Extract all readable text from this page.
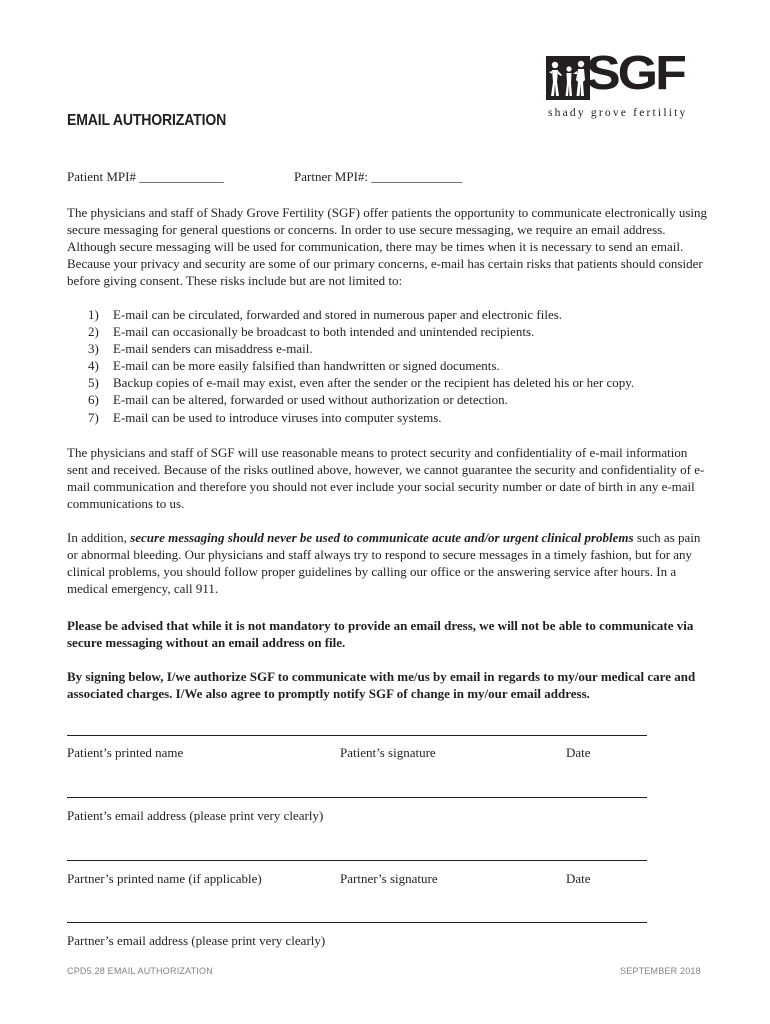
SGF
shady grove fertility
EMAIL AUTHORIZATION
Patient MPI# _____________	Partner MPI#: ______________
The physicians and staff of Shady Grove Fertility (SGF) offer patients the opportunity to communicate electronically using secure messaging for general questions or concerns. In order to use secure messaging, we require an email address. Although secure messaging will be used for communication, there may be times when it is necessary to send an email. Because your privacy and security are some of our primary concerns, e-mail has certain risks that patients should consider before giving consent. These risks include but are not limited to:
1)	E-mail can be circulated, forwarded and stored in numerous paper and electronic files.
2)	E-mail can occasionally be broadcast to both intended and unintended recipients.
3)	E-mail senders can misaddress e-mail.
4)	E-mail can be more easily falsified than handwritten or signed documents.
5)	Backup copies of e-mail may exist, even after the sender or the recipient has deleted his or her copy.
6)	E-mail can be altered, forwarded or used without authorization or detection.
7)	E-mail can be used to introduce viruses into computer systems.
The physicians and staff of SGF will use reasonable means to protect security and confidentiality of e-mail information sent and received. Because of the risks outlined above, however, we cannot guarantee the security and confidentiality of e-mail communication and therefore you should not ever include your social security number or date of birth in any e-mail communications to us.
In addition, secure messaging should never be used to communicate acute and/or urgent clinical problems such as pain or abnormal bleeding. Our physicians and staff always try to respond to secure messages in a timely fashion, but for any clinical problems, you should follow proper guidelines by calling our office or the answering service after hours. In a medical emergency, call 911.
Please be advised that while it is not mandatory to provide an email dress, we will not be able to communicate via secure messaging without an email address on file.
By signing below, I/we authorize SGF to communicate with me/us by email in regards to my/our medical care and associated charges. I/We also agree to promptly notify SGF of change in my/our email address.
Patient’s printed name	Patient’s signature	Date
Patient’s email address (please print very clearly)
Partner’s printed name (if applicable)	Partner’s signature	Date
Partner’s email address (please print very clearly)
CPD5.28 EMAIL AUTHORIZATION	SEPTEMBER 2018
